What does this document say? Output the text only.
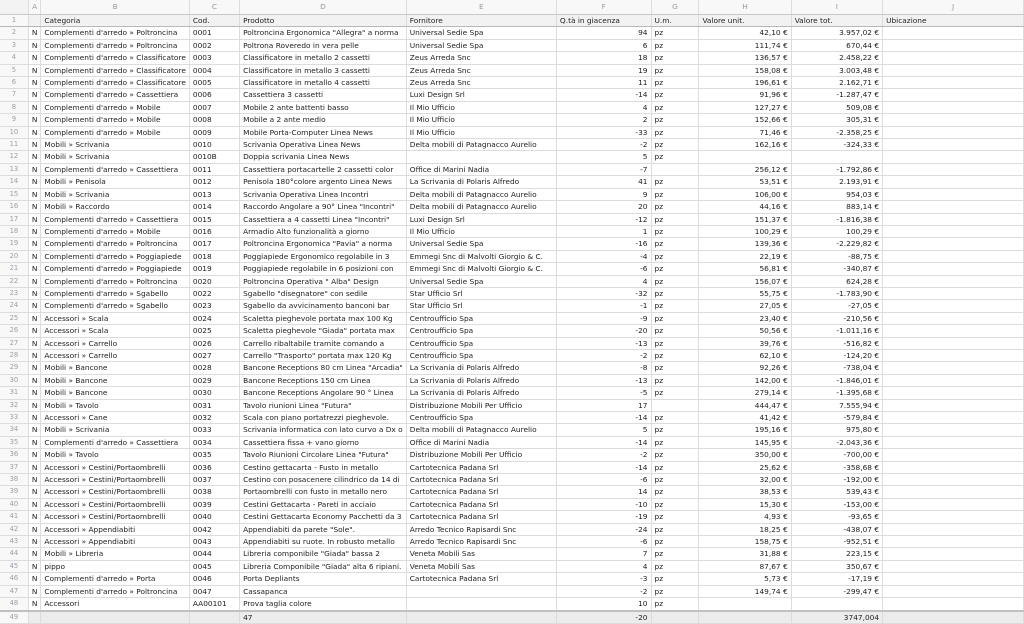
	A	B	C	D	E	F	G	H	I	J
1		Categoria	Cod.	Prodotto	Fornitore	Q.tà in giacenza	U.m.	Valore unit.	Valore tot.	Ubicazione
2	N	Complementi d'arredo » Poltroncina	0001	Poltroncina Ergonomica "Allegra" a norma	Universal Sedie Spa	94	pz	42,10 €	3.957,02 €	
3	N	Complementi d'arredo » Poltroncina	0002	Poltrona Roveredo in vera pelle	Universal Sedie Spa	6	pz	111,74 €	670,44 €	
4	N	Complementi d'arredo » Classificatore	0003	Classificatore in metallo 2 cassetti	Zeus Arreda Snc	18	pz	136,57 €	2.458,22 €	
5	N	Complementi d'arredo » Classificatore	0004	Classificatore in metallo 3 cassetti	Zeus Arreda Snc	19	pz	158,08 €	3.003,48 €	
6	N	Complementi d'arredo » Classificatore	0005	Classificatore in metallo 4 cassetti	Zeus Arreda Snc	11	pz	196,61 €	2.162,71 €	
7	N	Complementi d'arredo » Cassettiera	0006	Cassettiera 3 cassetti	Luxi Design Srl	-14	pz	91,96 €	-1.287,47 €	
8	N	Complementi d'arredo » Mobile	0007	Mobile 2 ante battenti basso	Il Mio Ufficio	4	pz	127,27 €	509,08 €	
9	N	Complementi d'arredo » Mobile	0008	Mobile a 2 ante medio	Il Mio Ufficio	2	pz	152,66 €	305,31 €	
10	N	Complementi d'arredo » Mobile	0009	Mobile Porta-Computer Linea News	Il Mio Ufficio	-33	pz	71,46 €	-2.358,25 €	
11	N	Mobili » Scrivania	0010	Scrivania Operativa Linea News	Delta mobili di Patagnacco Aurelio	-2	pz	162,16 €	-324,33 €	
12	N	Mobili » Scrivania	0010B	Doppia scrivania Linea News		5	pz			
13	N	Complementi d'arredo » Cassettiera	0011	Cassettiera portacartelle 2 cassetti color	Office di Marini Nadia	-7		256,12 €	-1.792,86 €	
14	N	Mobili » Penisola	0012	Penisola 180°colore argento Linea News	La Scrivania di Polaris Alfredo	41	pz	53,51 €	2.193,91 €	
15	N	Mobili » Scrivania	0013	Scrivania Operativa Linea Incontri	Delta mobili di Patagnacco Aurelio	9	pz	106,00 €	954,03 €	
16	N	Mobili » Raccordo	0014	Raccordo Angolare a 90° Linea "Incontri"	Delta mobili di Patagnacco Aurelio	20	pz	44,16 €	883,14 €	
17	N	Complementi d'arredo » Cassettiera	0015	Cassettiera a 4 cassetti Linea "Incontri"	Luxi Design Srl	-12	pz	151,37 €	-1.816,38 €	
18	N	Complementi d'arredo » Mobile	0016	Armadio Alto funzionalità a giorno	Il Mio Ufficio	1	pz	100,29 €	100,29 €	
19	N	Complementi d'arredo » Poltroncina	0017	Poltroncina Ergonomica "Pavia" a norma	Universal Sedie Spa	-16	pz	139,36 €	-2.229,82 €	
20	N	Complementi d'arredo » Poggiapiede	0018	Poggiapiede Ergonomico regolabile in 3	Emmegi Snc di Malvolti Giorgio & C.	-4	pz	22,19 €	-88,75 €	
21	N	Complementi d'arredo » Poggiapiede	0019	Poggiapiede regolabile in 6 posizioni con	Emmegi Snc di Malvolti Giorgio & C.	-6	pz	56,81 €	-340,87 €	
22	N	Complementi d'arredo » Poltroncina	0020	Poltroncina Operativa " Alba" Design	Universal Sedie Spa	4	pz	156,07 €	624,28 €	
23	N	Complementi d'arredo » Sgabello	0022	Sgabello "disegnatore" con sedile	Star Ufficio Srl	-32	pz	55,75 €	-1.783,90 €	
24	N	Complementi d'arredo » Sgabello	0023	Sgabello da avvicinamento banconi bar	Star Ufficio Srl	-1	pz	27,05 €	-27,05 €	
25	N	Accessori » Scala	0024	Scaletta pieghevole portata max 100 Kg	Centroufficio Spa	-9	pz	23,40 €	-210,56 €	
26	N	Accessori » Scala	0025	Scaletta pieghevole "Giada" portata max	Centroufficio Spa	-20	pz	50,56 €	-1.011,16 €	
27	N	Accessori » Carrello	0026	Carrello ribaltabile tramite comando a	Centroufficio Spa	-13	pz	39,76 €	-516,82 €	
28	N	Accessori » Carrello	0027	Carrello "Trasporto" portata max 120 Kg	Centroufficio Spa	-2	pz	62,10 €	-124,20 €	
29	N	Mobili » Bancone	0028	Bancone Receptions 80 cm Linea "Arcadia"	La Scrivania di Polaris Alfredo	-8	pz	92,26 €	-738,04 €	
30	N	Mobili » Bancone	0029	Bancone Receptions 150 cm Linea	La Scrivania di Polaris Alfredo	-13	pz	142,00 €	-1.846,01 €	
31	N	Mobili » Bancone	0030	Bancone Receptions Angolare 90 ° Linea	La Scrivania di Polaris Alfredo	-5	pz	279,14 €	-1.395,68 €	
32	N	Mobili » Tavolo	0031	Tavolo riunioni Linea "Futura"	Distribuzione Mobili Per Ufficio	17		444,47 €	7.555,94 €	
33	N	Accessori » Cane	0032	Scala con piano portatrezzi pieghevole.	Centroufficio Spa	-14	pz	41,42 €	-579,84 €	
34	N	Mobili » Scrivania	0033	Scrivania informatica con lato curvo a Dx o	Delta mobili di Patagnacco Aurelio	5	pz	195,16 €	975,80 €	
35	N	Complementi d'arredo » Cassettiera	0034	Cassettiera fissa + vano giorno	Office di Marini Nadia	-14	pz	145,95 €	-2.043,36 €	
36	N	Mobili » Tavolo	0035	Tavolo Riunioni Circolare Linea "Futura"	Distribuzione Mobili Per Ufficio	-2	pz	350,00 €	-700,00 €	
37	N	Accessori » Cestini/Portaombrelli	0036	Cestino gettacarta - Fusto in metallo	Cartotecnica Padana Srl	-14	pz	25,62 €	-358,68 €	
38	N	Accessori » Cestini/Portaombrelli	0037	Cestino con posacenere cilindrico da 14 di	Cartotecnica Padana Srl	-6	pz	32,00 €	-192,00 €	
39	N	Accessori » Cestini/Portaombrelli	0038	Portaombrelli con fusto in metallo nero	Cartotecnica Padana Srl	14	pz	38,53 €	539,43 €	
40	N	Accessori » Cestini/Portaombrelli	0039	Cestini Gettacarta - Pareti in acciaio	Cartotecnica Padana Srl	-10	pz	15,30 €	-153,00 €	
41	N	Accessori » Cestini/Portaombrelli	0040	Cestini Gettacarta Economy Pacchetti da 3	Cartotecnica Padana Srl	-19	pz	4,93 €	-93,65 €	
42	N	Accessori » Appendiabiti	0042	Appendiabiti da parete "Sole".	Arredo Tecnico Rapisardi Snc	-24	pz	18,25 €	-438,07 €	
43	N	Accessori » Appendiabiti	0043	Appendiabiti su ruote. In robusto metallo	Arredo Tecnico Rapisardi Snc	-6	pz	158,75 €	-952,51 €	
44	N	Mobili » Libreria	0044	Libreria componibile "Giada" bassa 2	Veneta Mobili Sas	7	pz	31,88 €	223,15 €	
45	N	pippo	0045	Libreria Componibile "Giada" alta 6 ripiani.	Veneta Mobili Sas	4	pz	87,67 €	350,67 €	
46	N	Complementi d'arredo » Porta	0046	Porta Depliants	Cartotecnica Padana Srl	-3	pz	5,73 €	-17,19 €	
47	N	Complementi d'arredo » Poltroncina	0047	Cassapanca		-2	pz	149,74 €	-299,47 €	
48	N	Accessori	AA00101	Prova taglia colore		10	pz			
49				47		-20			3747,004	
